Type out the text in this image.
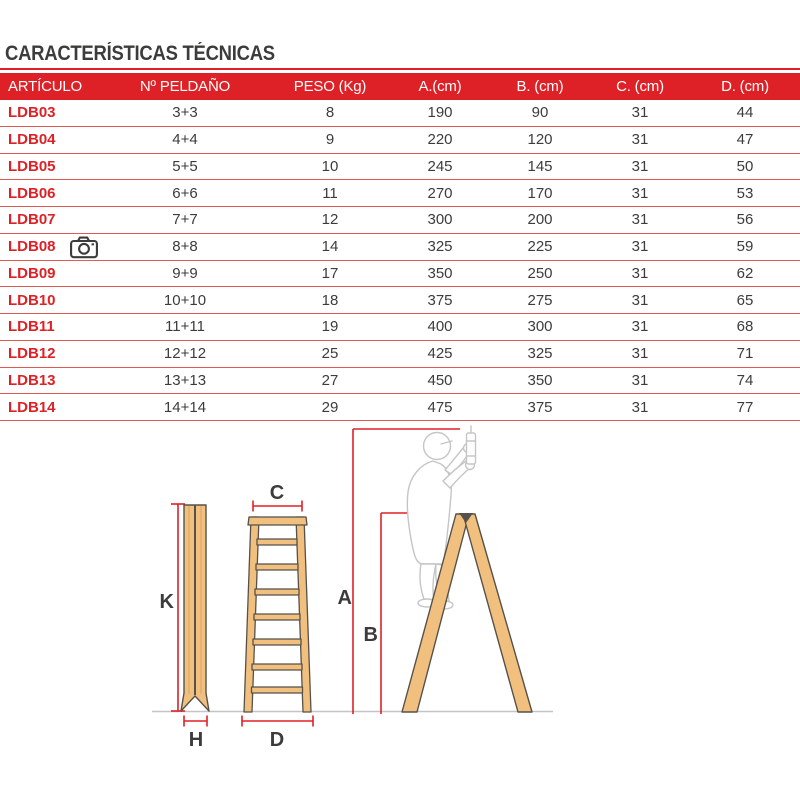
CARACTERÍSTICAS TÉCNICAS
ARTÍCULO	Nº PELDAÑO	PESO (Kg)	A.(cm)	B. (cm)	C. (cm)	D. (cm)
LDB03	3+3	8	190	90	31	44
LDB04	4+4	9	220	120	31	47
LDB05	5+5	10	245	145	31	50
LDB06	6+6	11	270	170	31	53
LDB07	7+7	12	300	200	31	56
LDB08	8+8	14	325	225	31	59
LDB09	9+9	17	350	250	31	62
LDB10	10+10	18	375	275	31	65
LDB11	11+11	19	400	300	31	68
LDB12	12+12	25	425	325	31	71
LDB13	13+13	27	450	350	31	74
LDB14	14+14	29	475	375	31	77
K
C
H	D
A
B
